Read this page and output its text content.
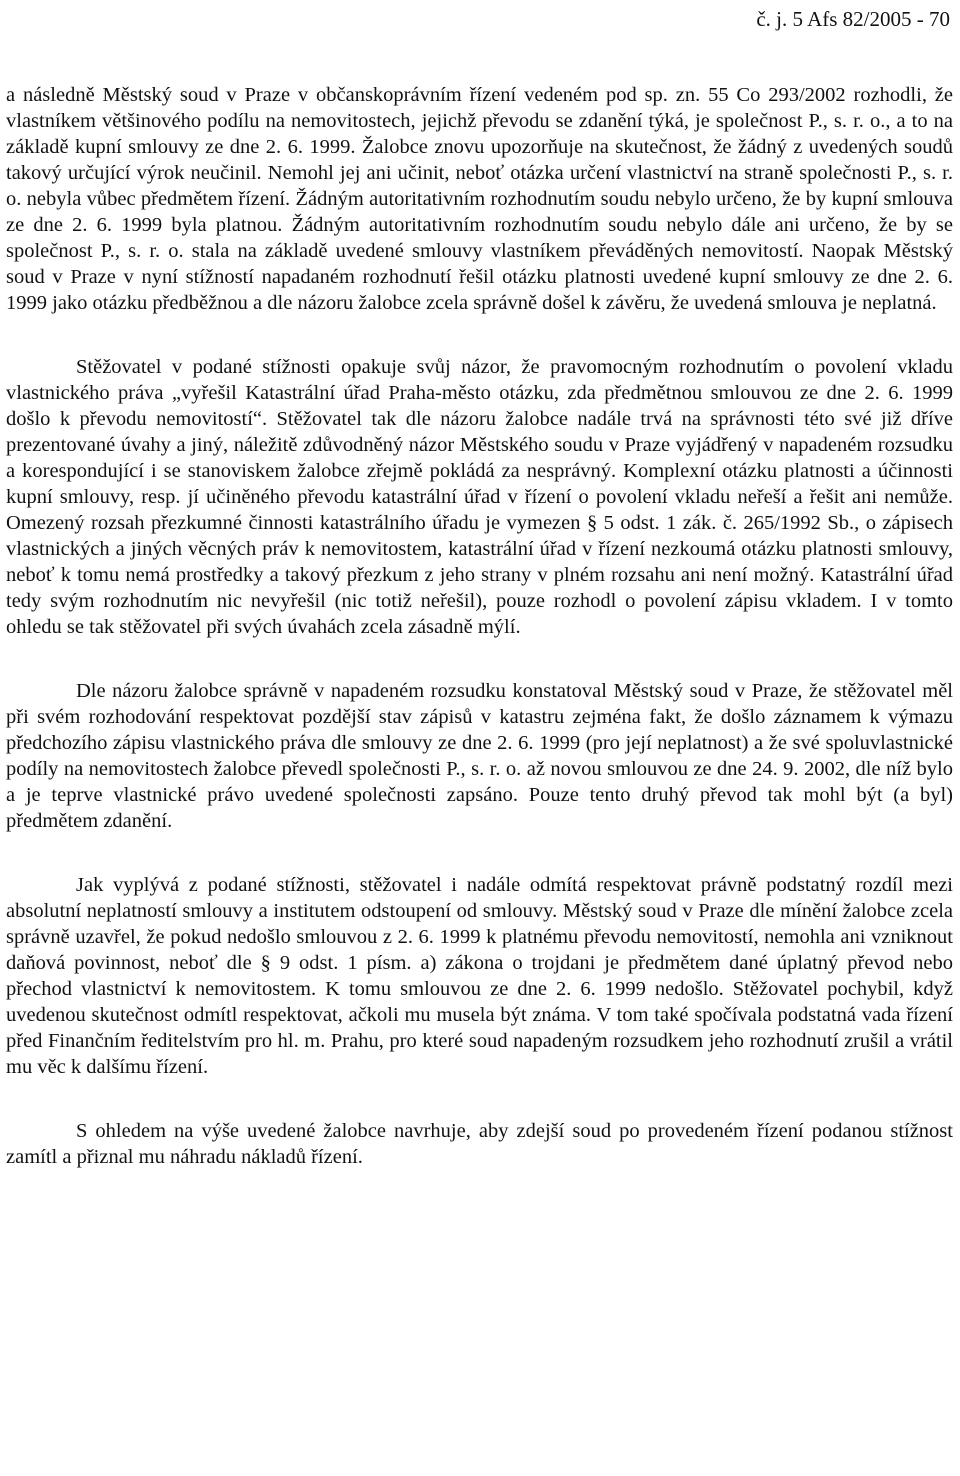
č. j. 5 Afs 82/2005 - 70

a následně Městský soud v Praze v občanskoprávním řízení vedeném pod sp. zn. 55 Co 293/2002 rozhodli, že vlastníkem většinového podílu na nemovitostech, jejichž převodu se zdanění týká, je společnost P., s. r. o., a to na základě kupní smlouvy ze dne 2. 6. 1999. Žalobce znovu upozorňuje na skutečnost, že žádný z uvedených soudů takový určující výrok neučinil. Nemohl jej ani učinit, neboť otázka určení vlastnictví na straně společnosti P., s. r. o. nebyla vůbec předmětem řízení. Žádným autoritativním rozhodnutím soudu nebylo určeno, že by kupní smlouva ze dne 2. 6. 1999 byla platnou. Žádným autoritativním rozhodnutím soudu nebylo dále ani určeno, že by se společnost P., s. r. o. stala na základě uvedené smlouvy vlastníkem převáděných nemovitostí. Naopak Městský soud v Praze v nyní stížností napadaném rozhodnutí řešil otázku platnosti uvedené kupní smlouvy ze dne 2. 6. 1999 jako otázku předběžnou a dle názoru žalobce zcela správně došel k závěru, že uvedená smlouva je neplatná.

Stěžovatel v podané stížnosti opakuje svůj názor, že pravomocným rozhodnutím o povolení vkladu vlastnického práva „vyřešil Katastrální úřad Praha-město otázku, zda předmětnou smlouvou ze dne 2. 6. 1999 došlo k převodu nemovitostí“. Stěžovatel tak dle názoru žalobce nadále trvá na správnosti této své již dříve prezentované úvahy a jiný, náležitě zdůvodněný názor Městského soudu v Praze vyjádřený v napadeném rozsudku a korespondující i se stanoviskem žalobce zřejmě pokládá za nesprávný. Komplexní otázku platnosti a účinnosti kupní smlouvy, resp. jí učiněného převodu katastrální úřad v řízení o povolení vkladu neřeší a řešit ani nemůže. Omezený rozsah přezkumné činnosti katastrálního úřadu je vymezen § 5 odst. 1 zák. č. 265/1992 Sb., o zápisech vlastnických a jiných věcných práv k nemovitostem, katastrální úřad v řízení nezkoumá otázku platnosti smlouvy, neboť k tomu nemá prostředky a takový přezkum z jeho strany v plném rozsahu ani není možný. Katastrální úřad tedy svým rozhodnutím nic nevyřešil (nic totiž neřešil), pouze rozhodl o povolení zápisu vkladem. I v tomto ohledu se tak stěžovatel při svých úvahách zcela zásadně mýlí.

Dle názoru žalobce správně v napadeném rozsudku konstatoval Městský soud v Praze, že stěžovatel měl při svém rozhodování respektovat pozdější stav zápisů v katastru zejména fakt, že došlo záznamem k výmazu předchozího zápisu vlastnického práva dle smlouvy ze dne 2. 6. 1999 (pro její neplatnost) a že své spoluvlastnické podíly na nemovitostech žalobce převedl společnosti P., s. r. o. až novou smlouvou ze dne 24. 9. 2002, dle níž bylo a je teprve vlastnické právo uvedené společnosti zapsáno. Pouze tento druhý převod tak mohl být (a byl) předmětem zdanění.

Jak vyplývá z podané stížnosti, stěžovatel i nadále odmítá respektovat právně podstatný rozdíl mezi absolutní neplatností smlouvy a institutem odstoupení od smlouvy. Městský soud v Praze dle mínění žalobce zcela správně uzavřel, že pokud nedošlo smlouvou z 2. 6. 1999 k platnému převodu nemovitostí, nemohla ani vzniknout daňová povinnost, neboť dle § 9 odst. 1 písm. a) zákona o trojdani je předmětem dané úplatný převod nebo přechod vlastnictví k nemovitostem. K tomu smlouvou ze dne 2. 6. 1999 nedošlo. Stěžovatel pochybil, když uvedenou skutečnost odmítl respektovat, ačkoli mu musela být známa. V tom také spočívala podstatná vada řízení před Finančním ředitelstvím pro hl. m. Prahu, pro které soud napadeným rozsudkem jeho rozhodnutí zrušil a vrátil mu věc k dalšímu řízení.

S ohledem na výše uvedené žalobce navrhuje, aby zdejší soud po provedeném řízení podanou stížnost zamítl a přiznal mu náhradu nákladů řízení.
